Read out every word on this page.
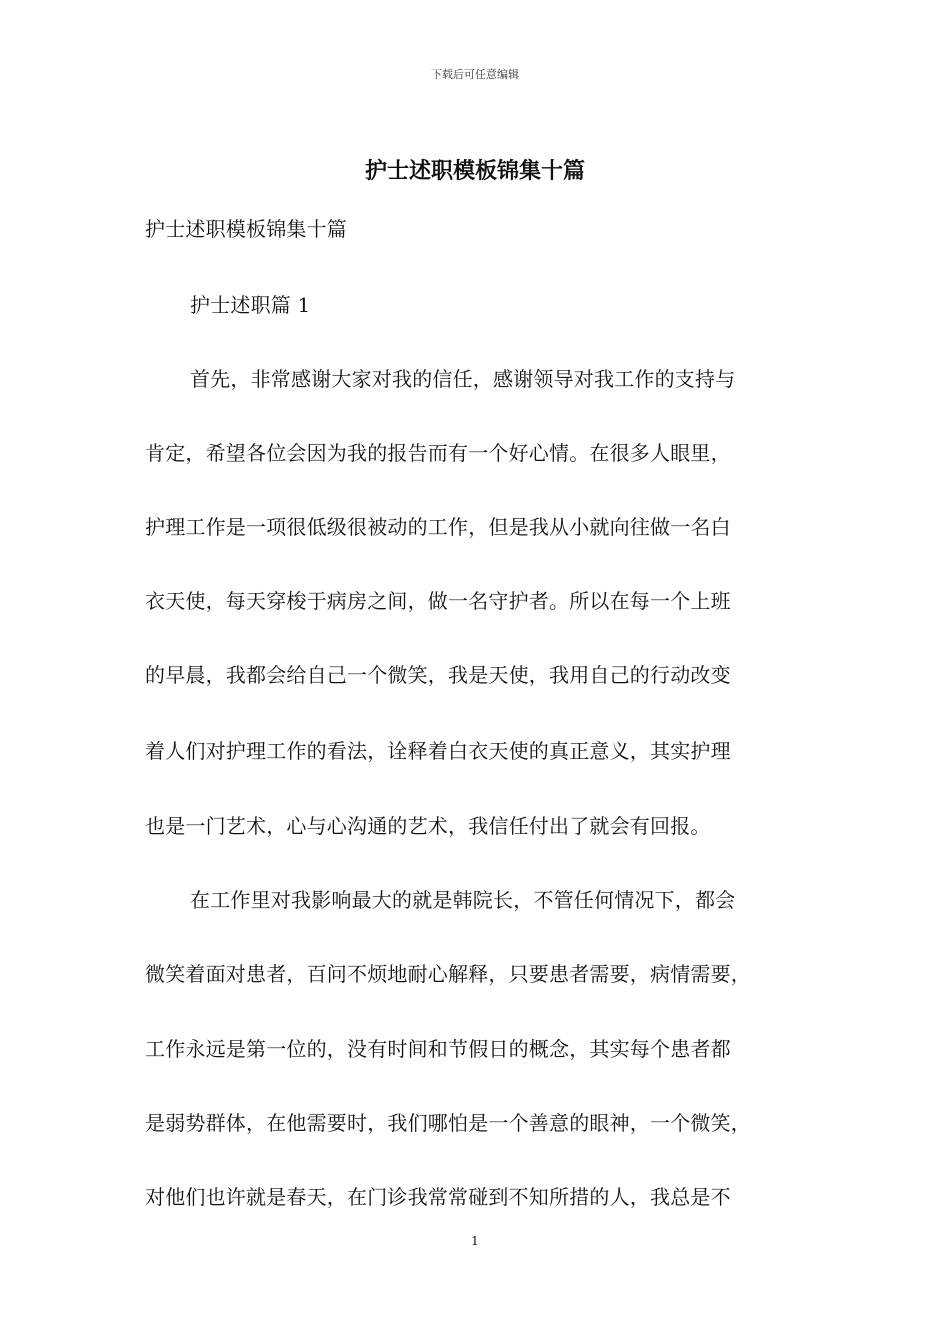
下载后可任意编辑
护士述职模板锦集十篇
护士述职模板锦集十篇
护士述职篇 1
首先，非常感谢大家对我的信任，感谢领导对我工作的支持与
肯定，希望各位会因为我的报告而有一个好心情。在很多人眼里，
护理工作是一项很低级很被动的工作，但是我从小就向往做一名白
衣天使，每天穿梭于病房之间，做一名守护者。所以在每一个上班
的早晨，我都会给自己一个微笑，我是天使，我用自己的行动改变
着人们对护理工作的看法，诠释着白衣天使的真正意义，其实护理
也是一门艺术，心与心沟通的艺术，我信任付出了就会有回报。
在工作里对我影响最大的就是韩院长，不管任何情况下，都会
微笑着面对患者，百问不烦地耐心解释，只要患者需要，病情需要，
工作永远是第一位的，没有时间和节假日的概念，其实每个患者都
是弱势群体，在他需要时，我们哪怕是一个善意的眼神，一个微笑，
对他们也许就是春天，在门诊我常常碰到不知所措的人，我总是不
1
